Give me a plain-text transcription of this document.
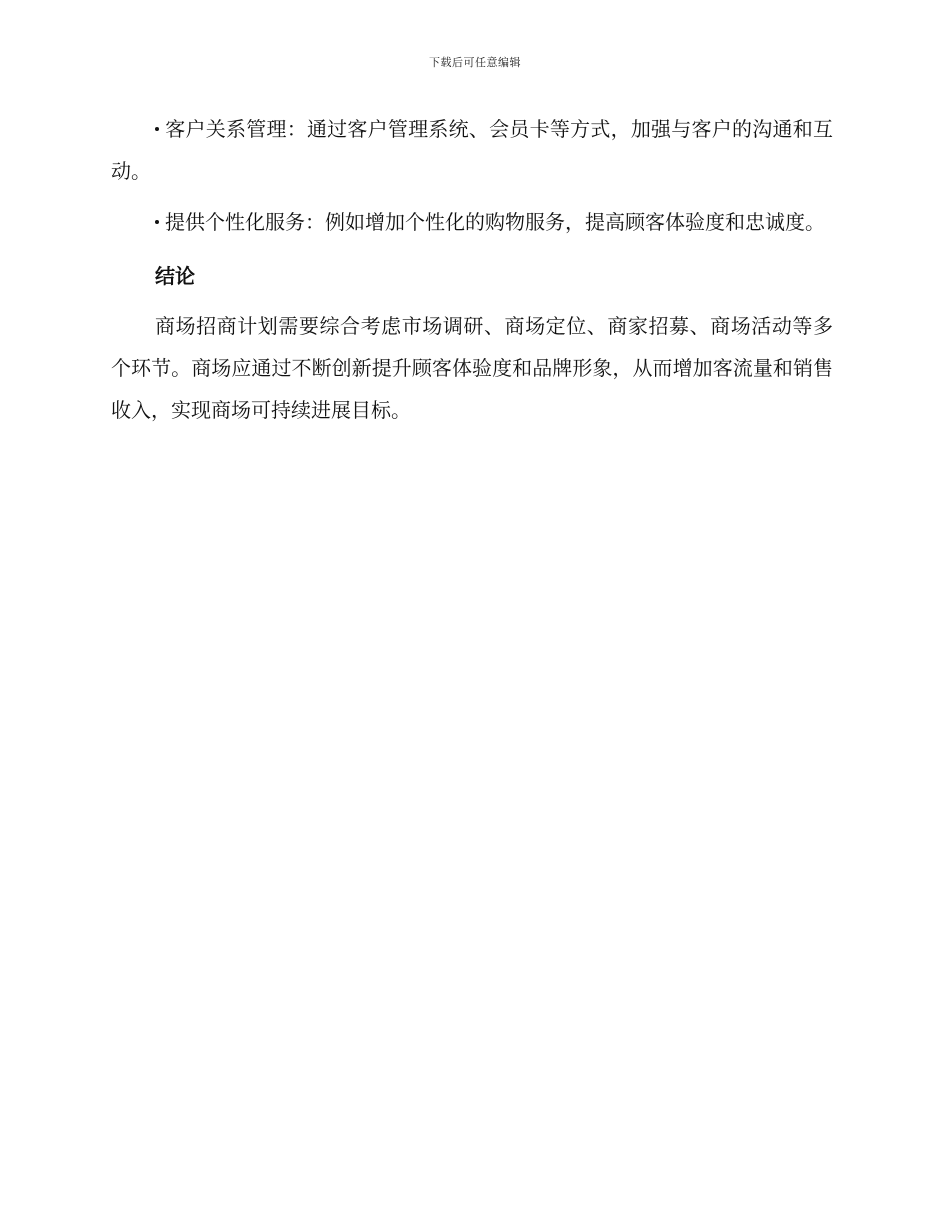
下载后可任意编辑

客户关系管理：通过客户管理系统、会员卡等方式，加强与客户的沟通和互动。

提供个性化服务：例如增加个性化的购物服务，提高顾客体验度和忠诚度。

结论

商场招商计划需要综合考虑市场调研、商场定位、商家招募、商场活动等多个环节。商场应通过不断创新提升顾客体验度和品牌形象，从而增加客流量和销售收入，实现商场可持续进展目标。
